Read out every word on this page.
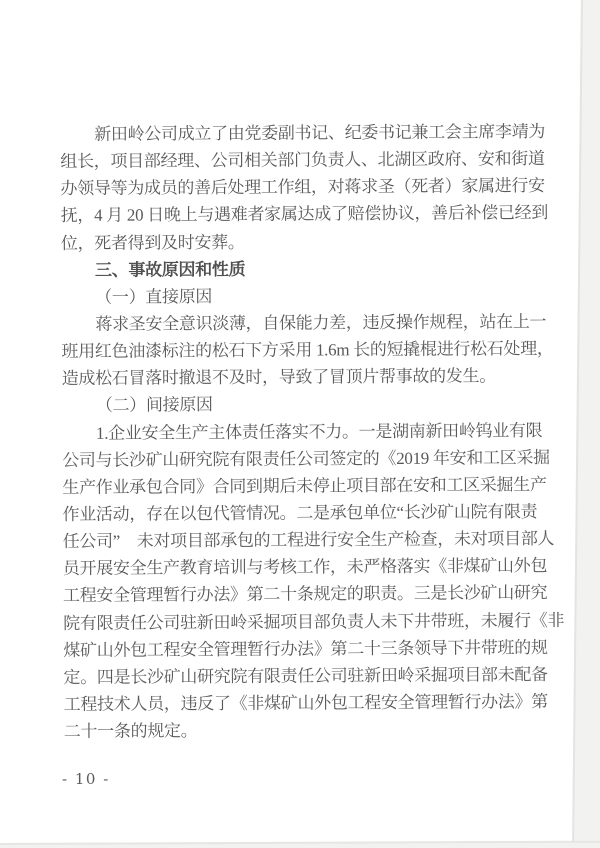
新田岭公司成立了由党委副书记、纪委书记兼工会主席李靖为
组长，项目部经理、公司相关部门负责人、北湖区政府、安和街道
办领导等为成员的善后处理工作组，对蒋求圣（死者）家属进行安
抚，4 月 20 日晚上与遇难者家属达成了赔偿协议，善后补偿已经到
位，死者得到及时安葬。
三、事故原因和性质
（一）直接原因
蒋求圣安全意识淡薄，自保能力差，违反操作规程，站在上一
班用红色油漆标注的松石下方采用 1.6m 长的短撬棍进行松石处理，
造成松石冒落时撤退不及时，导致了冒顶片帮事故的发生。
（二）间接原因
1.企业安全生产主体责任落实不力。一是湖南新田岭钨业有限
公司与长沙矿山研究院有限责任公司签定的《2019 年安和工区采掘
生产作业承包合同》合同到期后未停止项目部在安和工区采掘生产
作业活动，存在以包代管情况。二是承包单位“长沙矿山院有限责
任公司”　未对项目部承包的工程进行安全生产检查，未对项目部人
员开展安全生产教育培训与考核工作，未严格落实《非煤矿山外包
工程安全管理暂行办法》第二十条规定的职责。三是长沙矿山研究
院有限责任公司驻新田岭采掘项目部负责人未下井带班，未履行《非
煤矿山外包工程安全管理暂行办法》第二十三条领导下井带班的规
定。四是长沙矿山研究院有限责任公司驻新田岭采掘项目部未配备
工程技术人员，违反了《非煤矿山外包工程安全管理暂行办法》第
二十一条的规定。
- 10 -
